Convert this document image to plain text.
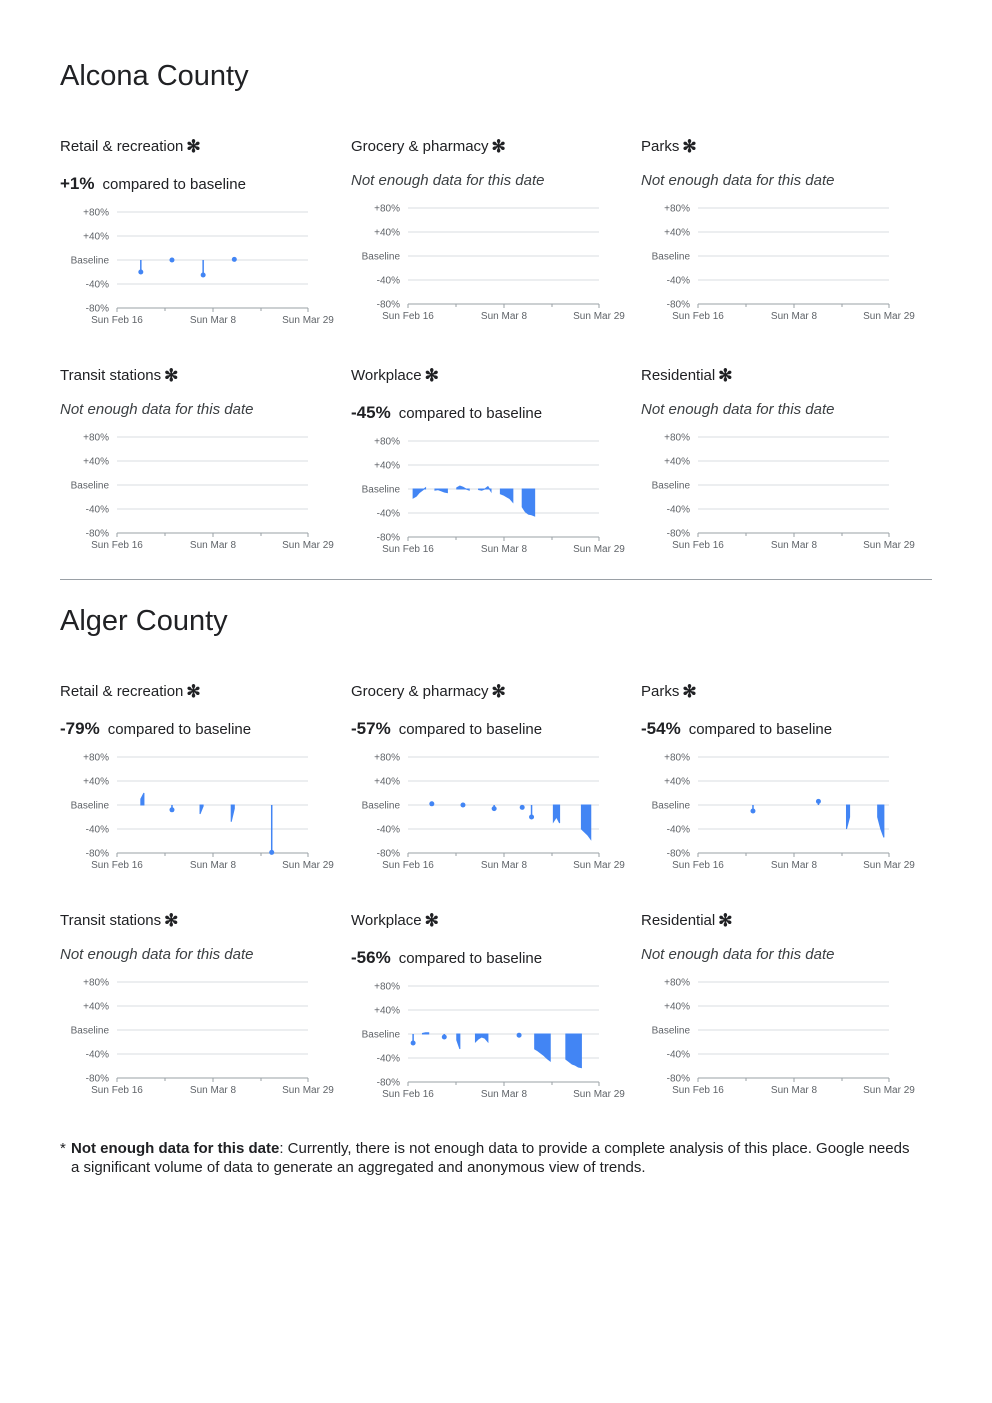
Alcona County
Retail & recreation ✻
+1% compared to baseline
+80%
+40%
Baseline
-40%
-80%
Sun Feb 16	Sun Mar 8	Sun Mar 29
Grocery & pharmacy ✻
Not enough data for this date
+80%
+40%
Baseline
-40%
-80%
Sun Feb 16	Sun Mar 8	Sun Mar 29
Parks ✻
Not enough data for this date
+80%
+40%
Baseline
-40%
-80%
Sun Feb 16	Sun Mar 8	Sun Mar 29
Transit stations ✻
Not enough data for this date
+80%
+40%
Baseline
-40%
-80%
Sun Feb 16	Sun Mar 8	Sun Mar 29
Workplace ✻
-45% compared to baseline
+80%
+40%
Baseline
-40%
-80%
Sun Feb 16	Sun Mar 8	Sun Mar 29
Residential ✻
Not enough data for this date
+80%
+40%
Baseline
-40%
-80%
Sun Feb 16	Sun Mar 8	Sun Mar 29
Alger County
Retail & recreation ✻
-79% compared to baseline
+80%
+40%
Baseline
-40%
-80%
Sun Feb 16	Sun Mar 8	Sun Mar 29
Grocery & pharmacy ✻
-57% compared to baseline
+80%
+40%
Baseline
-40%
-80%
Sun Feb 16	Sun Mar 8	Sun Mar 29
Parks ✻
-54% compared to baseline
+80%
+40%
Baseline
-40%
-80%
Sun Feb 16	Sun Mar 8	Sun Mar 29
Transit stations ✻
Not enough data for this date
+80%
+40%
Baseline
-40%
-80%
Sun Feb 16	Sun Mar 8	Sun Mar 29
Workplace ✻
-56% compared to baseline
+80%
+40%
Baseline
-40%
-80%
Sun Feb 16	Sun Mar 8	Sun Mar 29
Residential ✻
Not enough data for this date
+80%
+40%
Baseline
-40%
-80%
Sun Feb 16	Sun Mar 8	Sun Mar 29
* Not enough data for this date: Currently, there is not enough data to provide a complete analysis of this place. Google needs a significant volume of data to generate an aggregated and anonymous view of trends.
